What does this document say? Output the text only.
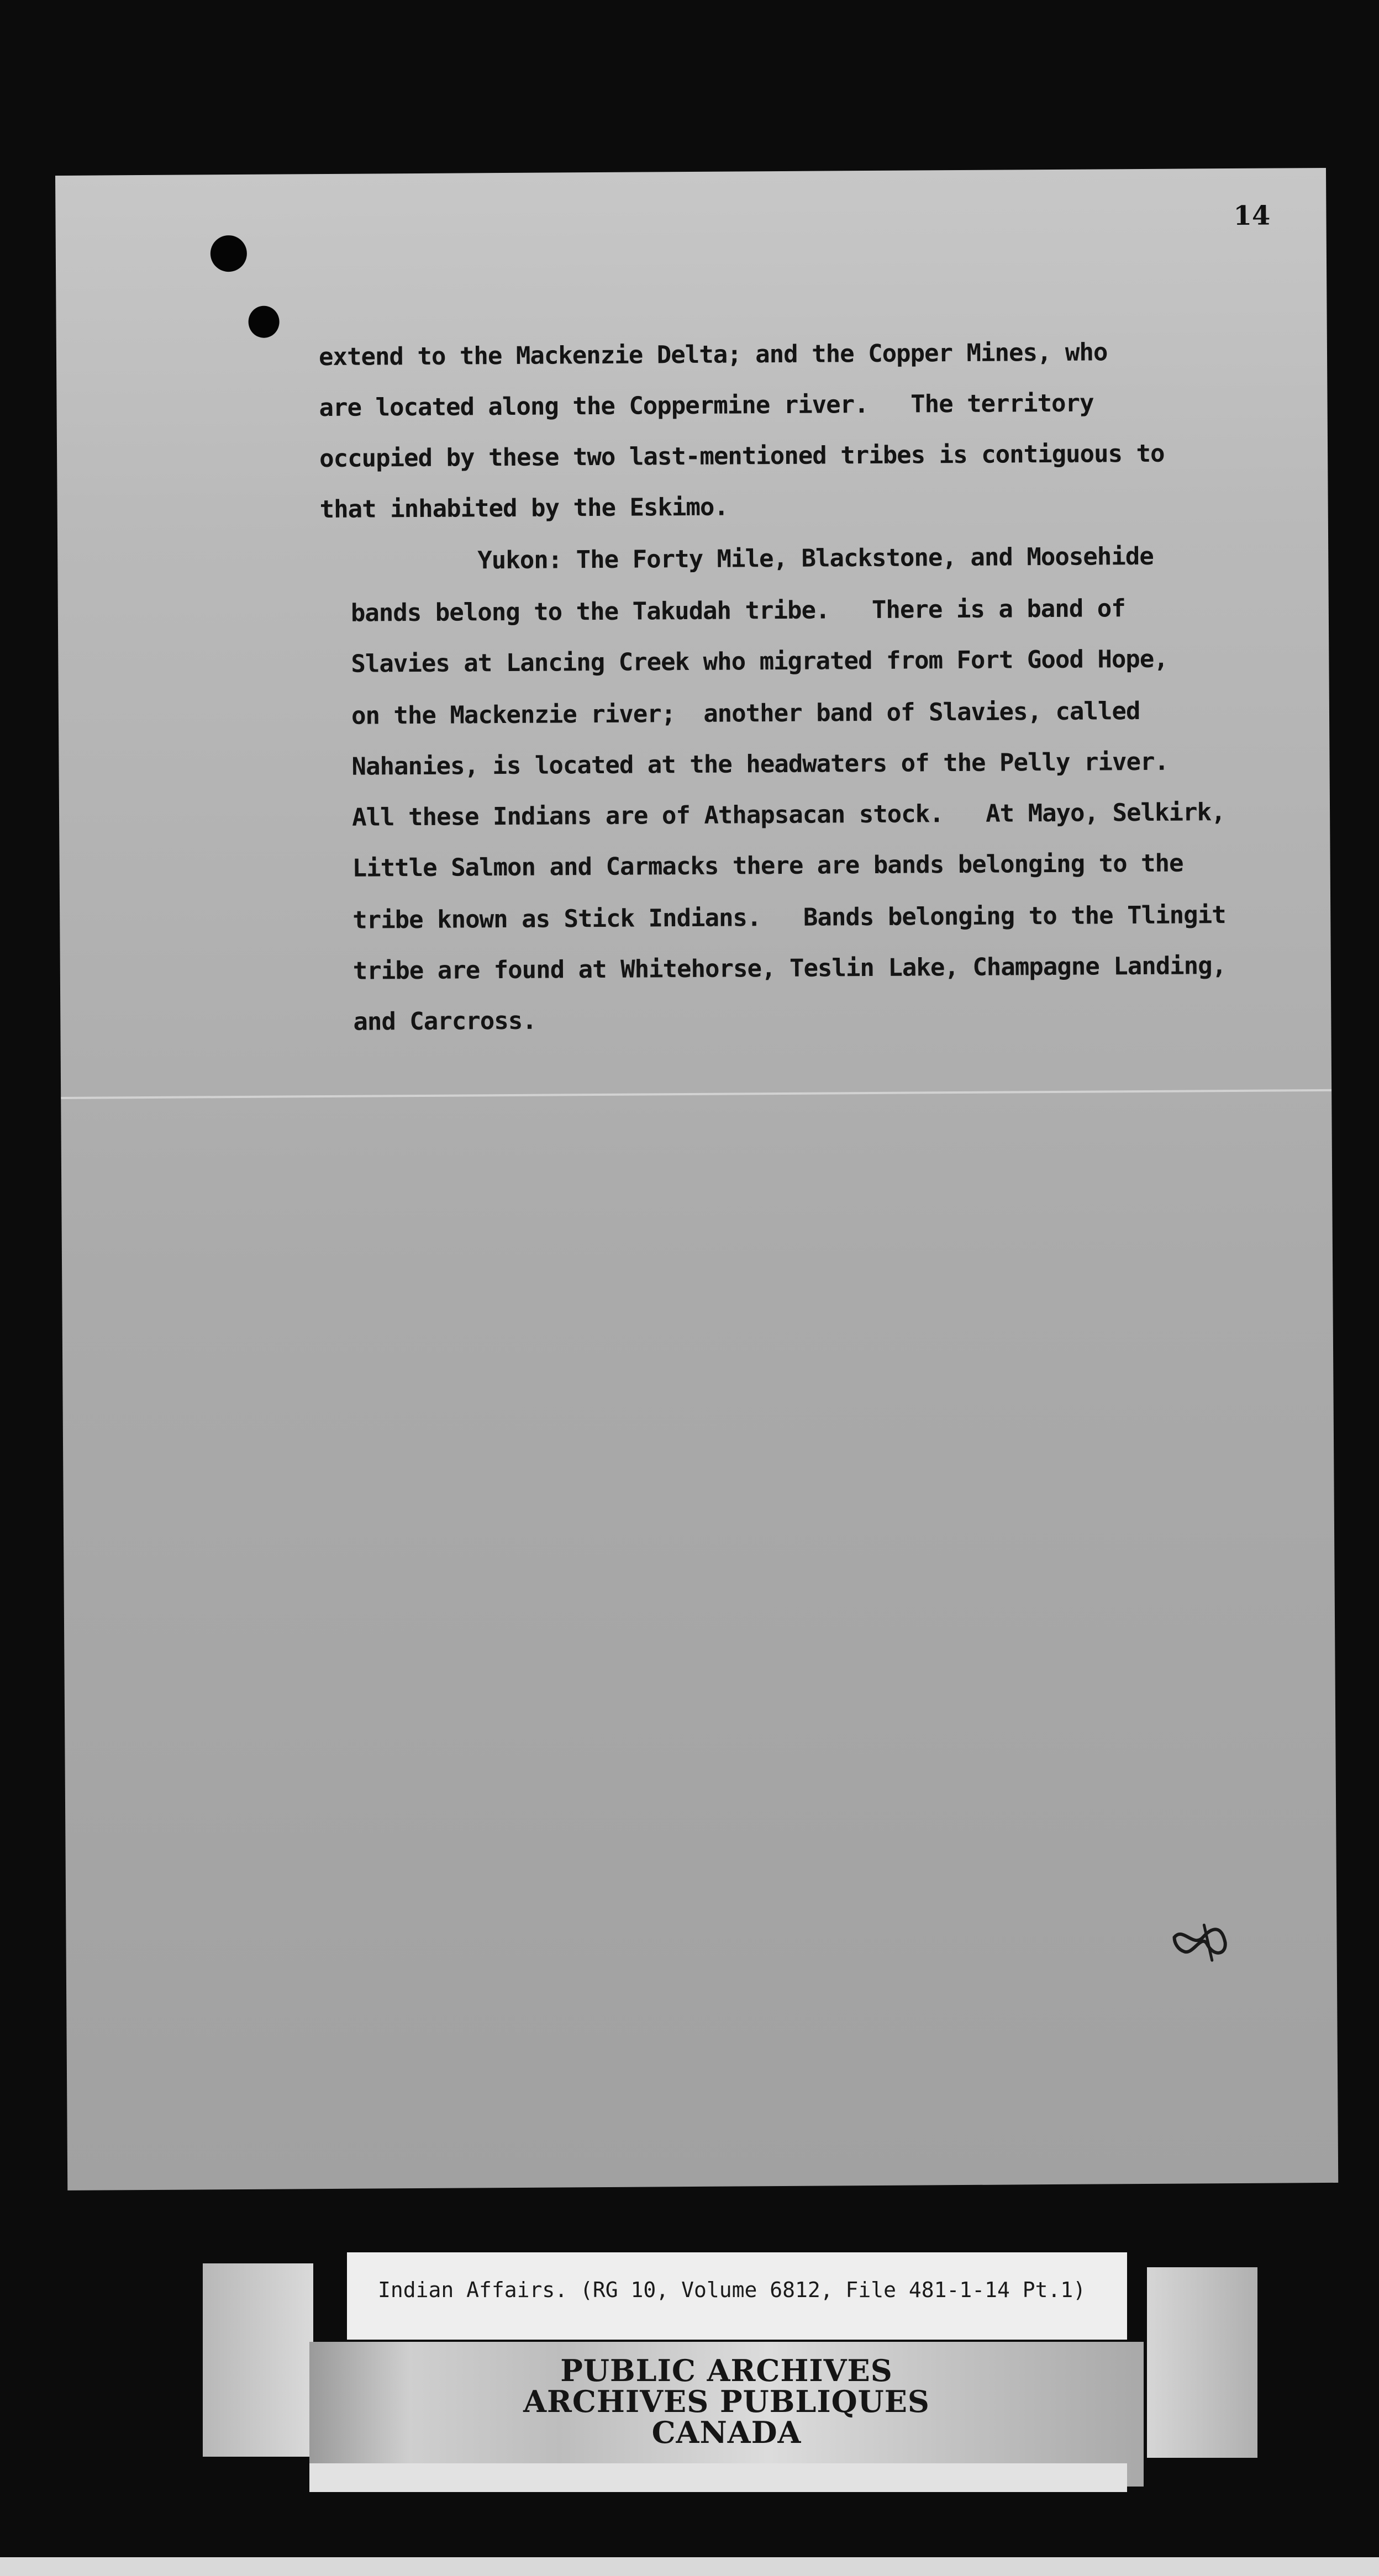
14

extend to the Mackenzie Delta; and the Copper Mines, who

are located along the Coppermine river.   The territory

occupied by these two last-mentioned tribes is contiguous to

that inhabited by the Eskimo.

Yukon: The Forty Mile, Blackstone, and Moosehide

bands belong to the Takudah tribe.   There is a band of

Slavies at Lancing Creek who migrated from Fort Good Hope,

on the Mackenzie river;  another band of Slavies, called

Nahanies, is located at the headwaters of the Pelly river.

All these Indians are of Athapsacan stock.   At Mayo, Selkirk,

Little Salmon and Carmacks there are bands belonging to the

tribe known as Stick Indians.   Bands belonging to the Tlingit

tribe are found at Whitehorse, Teslin Lake, Champagne Landing,

and Carcross.

Indian Affairs. (RG 10, Volume 6812, File 481-1-14 Pt.1)

PUBLIC ARCHIVES

ARCHIVES PUBLIQUES

CANADA
